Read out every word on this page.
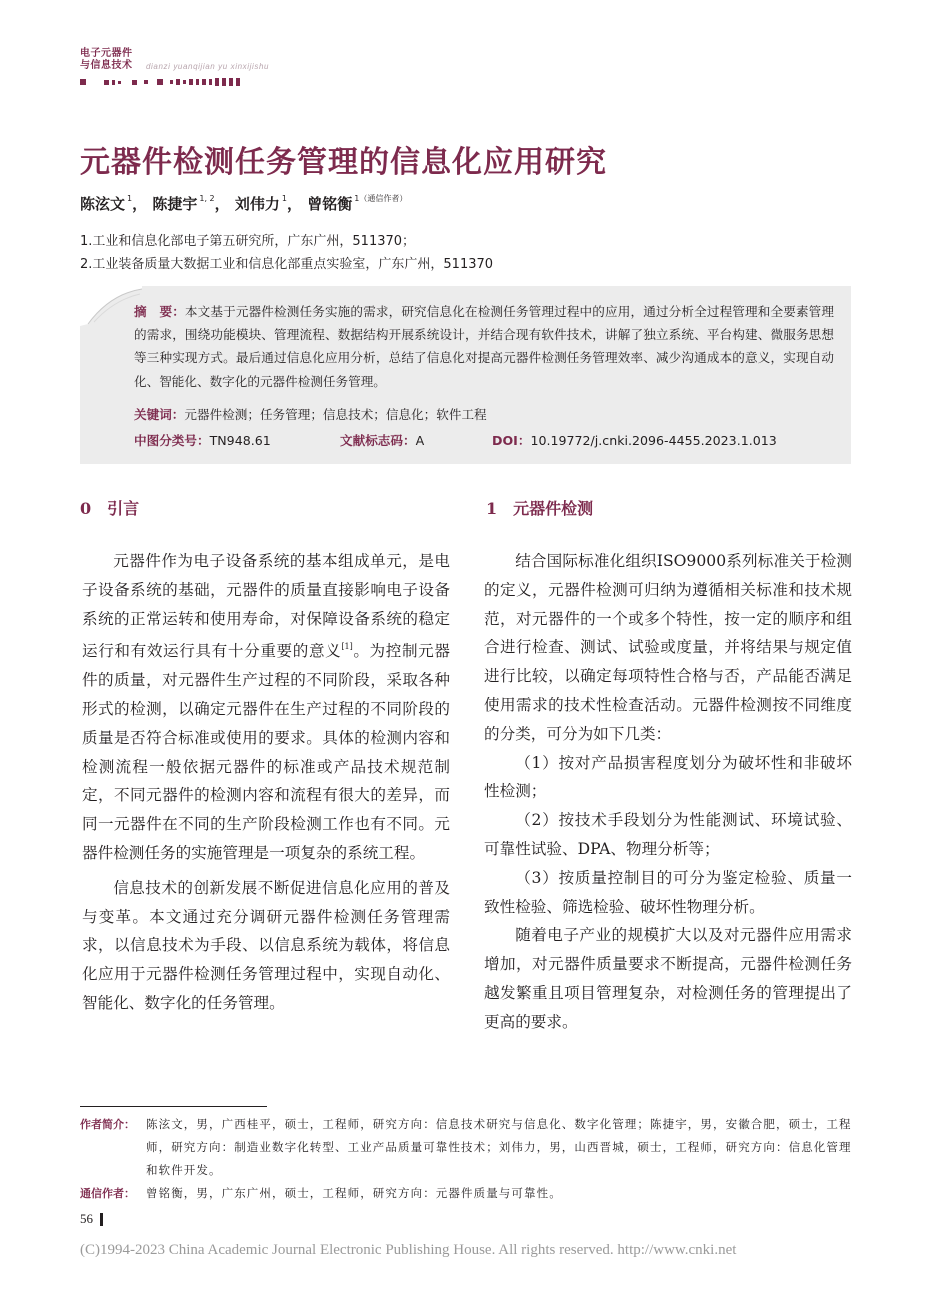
电子元器件
与信息技术	dianzi yuanqijian yu xinxijishu
元器件检测任务管理的信息化应用研究
陈泫文 $^1$， 陈捷宇 $^{1, 2}$， 刘伟力 $^1$， 曾铭衡 $^{1(通信作者)}$
1.工业和信息化部电子第五研究所，广东广州，511370；
2.工业装备质量大数据工业和信息化部重点实验室，广东广州，511370
摘　要：本文基于元器件检测任务实施的需求，研究信息化在检测任务管理过程中的应用，通过分析全过程管理和全要素管理的需求，围绕功能模块、管理流程、数据结构开展系统设计，并结合现有软件技术，讲解了独立系统、平台构建、微服务思想等三种实现方式。最后通过信息化应用分析，总结了信息化对提高元器件检测任务管理效率、减少沟通成本的意义，实现自动化、智能化、数字化的元器件检测任务管理。
关键词：元器件检测；任务管理；信息技术；信息化；软件工程
中图分类号：TN948.61	文献标志码：A	DOI：10.19772/j.cnki.2096-4455.2023.1.013
0　引言	1　元器件检测

元器件作为电子设备系统的基本组成单元，是电子设备系统的基础，元器件的质量直接影响电子设备系统的正常运转和使用寿命，对保障设备系统的稳定运行和有效运行具有十分重要的意义[1]。为控制元器件的质量，对元器件生产过程的不同阶段，采取各种形式的检测，以确定元器件在生产过程的不同阶段的质量是否符合标准或使用的要求。具体的检测内容和检测流程一般依据元器件的标准或产品技术规范制定，不同元器件的检测内容和流程有很大的差异，而同一元器件在不同的生产阶段检测工作也有不同。元器件检测任务的实施管理是一项复杂的系统工程。

信息技术的创新发展不断促进信息化应用的普及与变革。本文通过充分调研元器件检测任务管理需求，以信息技术为手段、以信息系统为载体，将信息化应用于元器件检测任务管理过程中，实现自动化、智能化、数字化的任务管理。

结合国际标准化组织ISO9000系列标准关于检测的定义，元器件检测可归纳为遵循相关标准和技术规范，对元器件的一个或多个特性，按一定的顺序和组合进行检查、测试、试验或度量，并将结果与规定值进行比较，以确定每项特性合格与否，产品能否满足使用需求的技术性检查活动。元器件检测按不同维度的分类，可分为如下几类：

（1）按对产品损害程度划分为破坏性和非破坏性检测；

（2）按技术手段划分为性能测试、环境试验、可靠性试验、DPA、物理分析等；

（3）按质量控制目的可分为鉴定检验、质量一致性检验、筛选检验、破坏性物理分析。

随着电子产业的规模扩大以及对元器件应用需求增加，对元器件质量要求不断提高，元器件检测任务越发繁重且项目管理复杂，对检测任务的管理提出了更高的要求。

作者简介： 陈泫文，男，广西桂平，硕士，工程师，研究方向：信息技术研究与信息化、数字化管理；陈捷宇，男，安徽合肥，硕士，工程师，研究方向：制造业数字化转型、工业产品质量可靠性技术；刘伟力，男，山西晋城，硕士，工程师，研究方向：信息化管理和软件开发。
通信作者： 曾铭衡，男，广东广州，硕士，工程师，研究方向：元器件质量与可靠性。
56
(C)1994-2023 China Academic Journal Electronic Publishing House. All rights reserved. http://www.cnki.net
